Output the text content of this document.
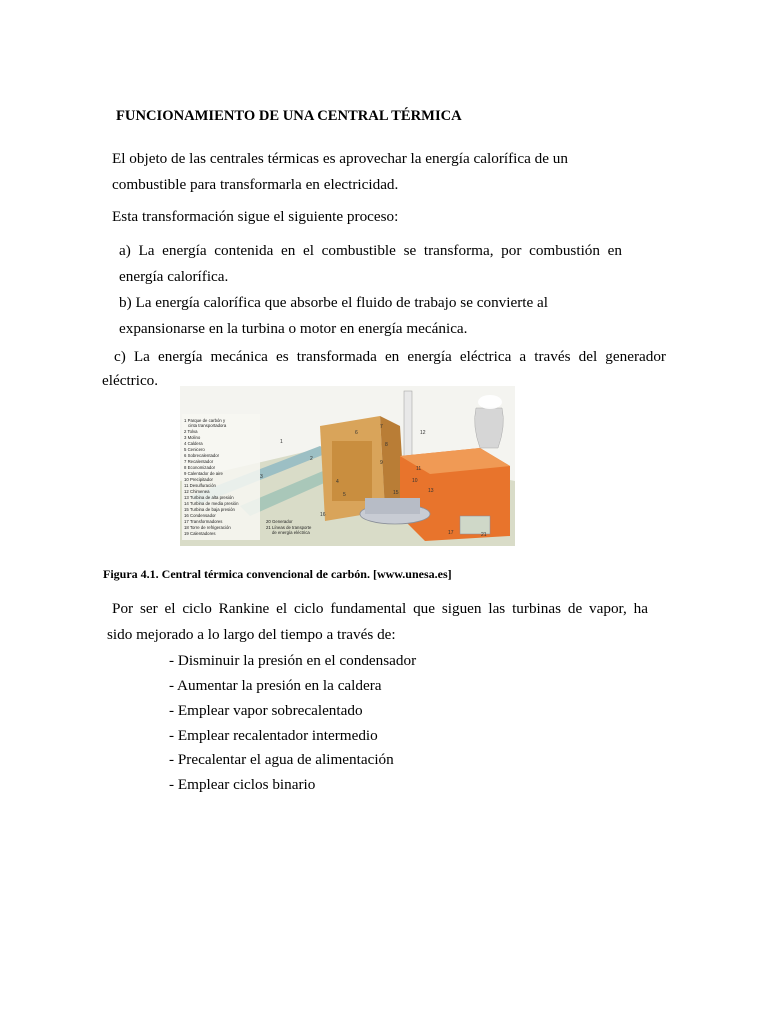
FUNCIONAMIENTO DE UNA CENTRAL TÉRMICA
El objeto de las centrales térmicas es aprovechar la energía calorífica de un
combustible para transformarla en electricidad.
Esta transformación sigue el siguiente proceso:
a) La energía contenida en el combustible se transforma, por combustión en
energía calorífica.
b) La energía calorífica que absorbe el fluido de trabajo se convierte al
expansionarse en la turbina o motor en energía mecánica.
c) La energía mecánica es transformada en energía eléctrica a través del generador
eléctrico.
1
2
3
4
5
6
7
8
9
10
11
12
13
15
16
17	21
1 Parque de carbón y
cinta transportadora
2 Tolva
3 Molino
4 Caldera
5 Cenicero
6 Sobrecalentador
7 Recalentador
8 Economizador
9 Calentador de aire
10 Precipitador
11 Desulfuración
12 Chimenea
13 Turbina de alta presión
14 Turbina de media presión
15 Turbina de baja presión
16 Condensador
17 Transformadores
18 Torre de refrigeración
19 Calentadores
20 Generador
21 Líneas de transporte
de energía eléctrica
Figura 4.1. Central térmica convencional de carbón. [www.unesa.es]
Por ser el ciclo Rankine el ciclo fundamental que siguen las turbinas de vapor, ha
sido mejorado a lo largo del tiempo a través de:
- Disminuir la presión en el condensador
- Aumentar la presión en la caldera
- Emplear vapor sobrecalentado
- Emplear recalentador intermedio
- Precalentar el agua de alimentación
- Emplear ciclos binario
